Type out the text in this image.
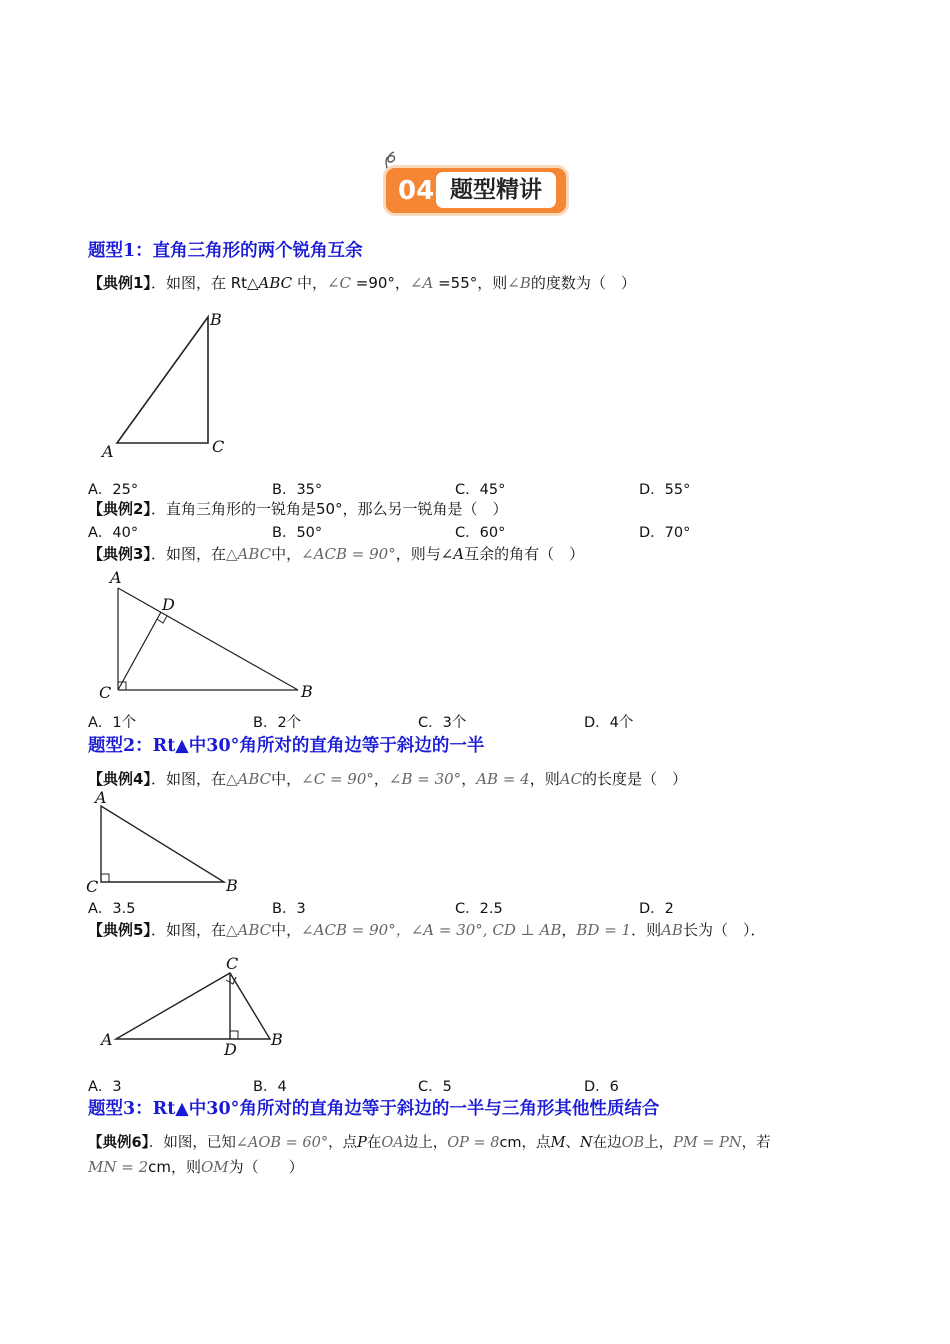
04 题型精讲
题型1：直角三角形的两个锐角互余
【典例1】．如图，在 Rt△ABC 中，∠C =90°，∠A =55°，则∠B的度数为（　）
A
B
C
A．25°	B．35°	C．45°	D．55°
【典例2】．直角三角形的一锐角是50°，那么另一锐角是（　）
A．40°	B．50°	C．60°	D．70°
【典例3】．如图，在△ABC中，∠ACB = 90°，则与∠A互余的角有（　）
A
B
C
D
A．1个	B．2个	C．3个	D．4个
题型2：Rt▲中30°角所对的直角边等于斜边的一半
【典例4】．如图，在△ABC中，∠C = 90°，∠B = 30°，AB = 4，则AC的长度是（　）
A
B
C
A．3.5	B．3	C．2.5	D．2
【典例5】．如图，在△ABC中，∠ACB = 90°，∠A = 30°, CD ⊥ AB，BD = 1．则AB长为（　）．
A	B
C
D
A．3	B．4	C．5	D．6
题型3：Rt▲中30°角所对的直角边等于斜边的一半与三角形其他性质结合
【典例6】．如图，已知∠AOB = 60°，点P在OA边上，OP = 8cm，点M、N在边OB上，PM = PN，若
MN = 2cm，则OM为（　　）
